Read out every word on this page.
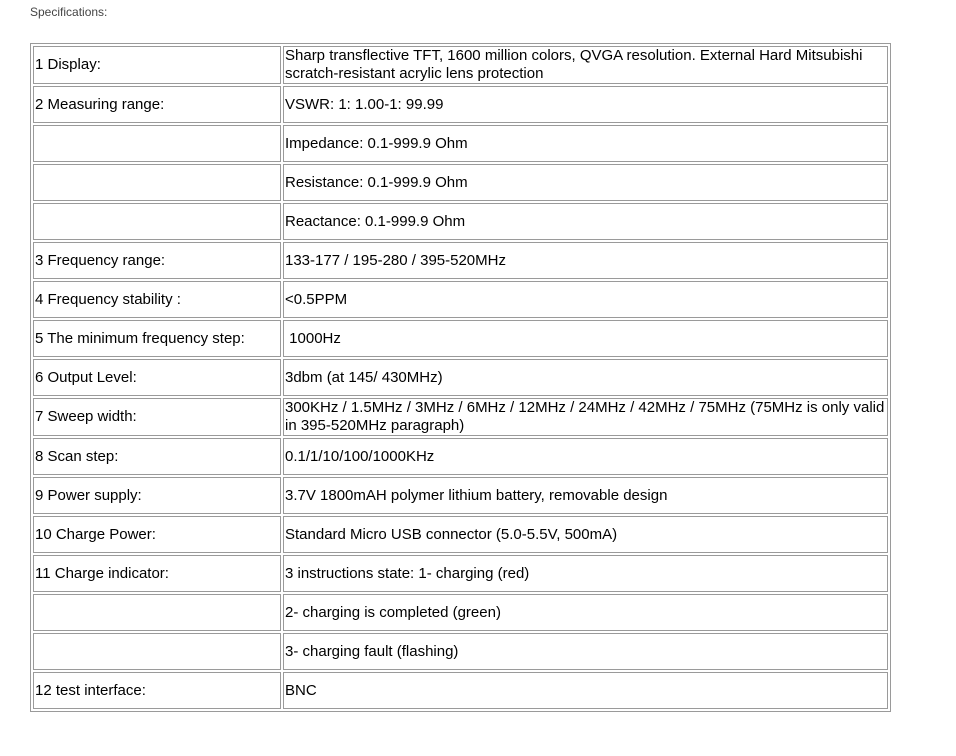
Specifications:
1 Display:	Sharp transflective TFT, 1600 million colors, QVGA resolution. External Hard Mitsubishi scratch-resistant acrylic lens protection
2 Measuring range:	VSWR: 1: 1.00-1: 99.99
	Impedance: 0.1-999.9 Ohm
	Resistance: 0.1-999.9 Ohm
	Reactance: 0.1-999.9 Ohm
3 Frequency range:	133-177 / 195-280 / 395-520MHz
4 Frequency stability :	<0.5PPM
5 The minimum frequency step:	1000Hz
6 Output Level:	3dbm (at 145/ 430MHz)
7 Sweep width:	300KHz / 1.5MHz / 3MHz / 6MHz / 12MHz / 24MHz / 42MHz / 75MHz (75MHz is only valid in 395-520MHz paragraph)
8 Scan step:	0.1/1/10/100/1000KHz
9 Power supply:	3.7V 1800mAH polymer lithium battery, removable design
10 Charge Power:	Standard Micro USB connector (5.0-5.5V, 500mA)
11 Charge indicator:	3 instructions state: 1- charging (red)
	2- charging is completed (green)
	3- charging fault (flashing)
12 test interface:	BNC
